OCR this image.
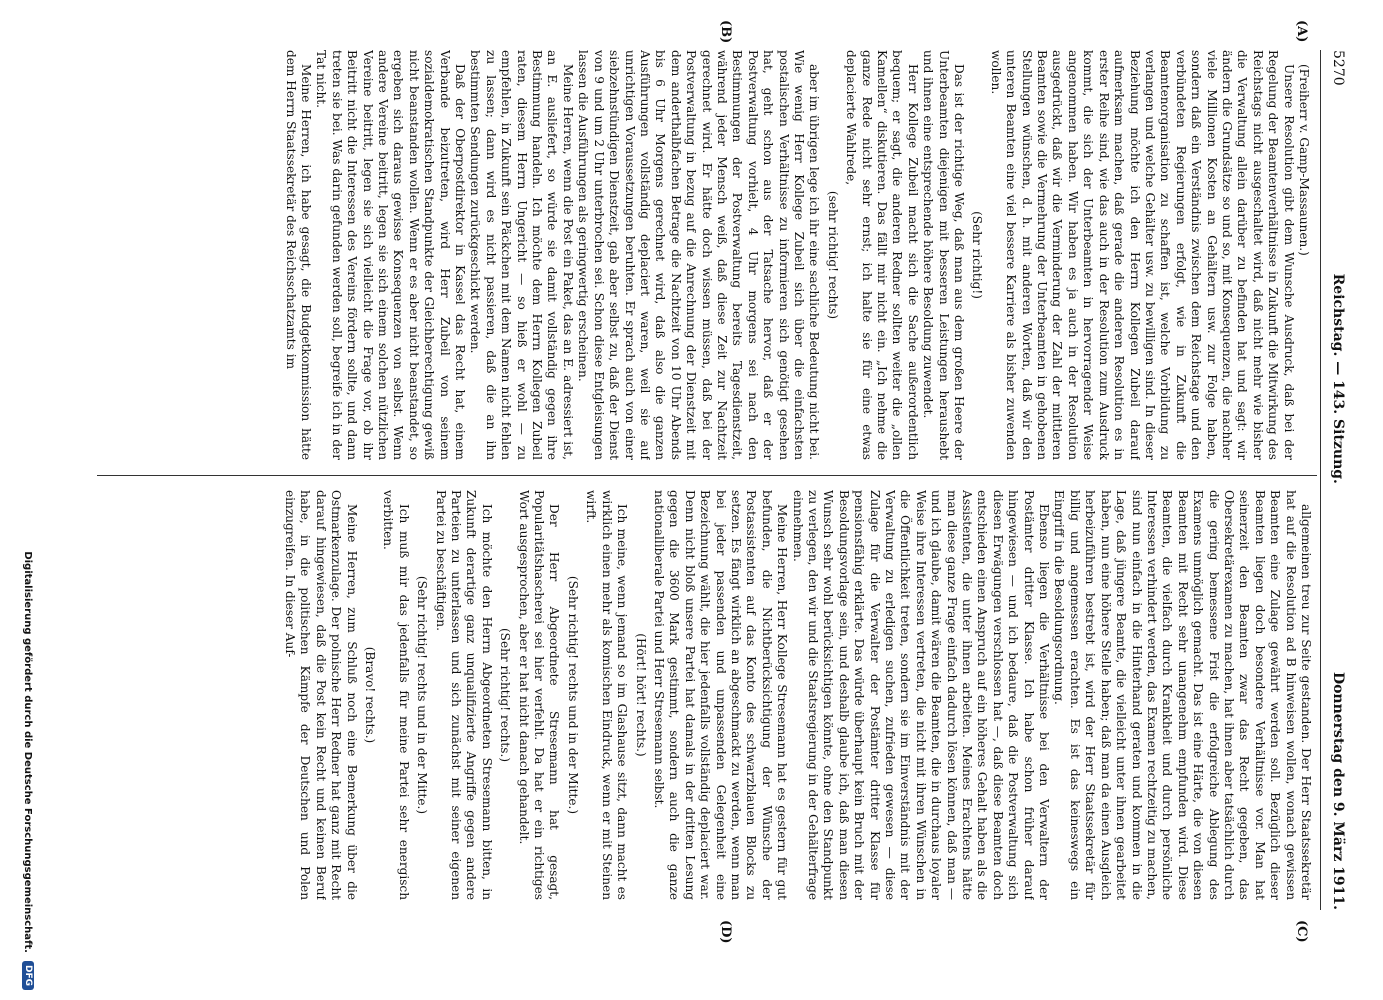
5270
Reichstag. — 143. Sitzung.
Donnerstag den 9. März 1911.
(A)
(B)
(C)
(D)

(Freiherr v. Gamp-Massaunen.)

Unsere Resolution gibt dem Wunsche Ausdruck, daß bei der Regelung der Beamtenverhältnisse in Zukunft die Mitwirkung des Reichstags nicht ausgeschaltet wird, daß nicht mehr wie bisher die Verwaltung allein darüber zu befinden hat und sagt: wir ändern die Grundsätze so und so, mit Konsequenzen, die nachher viele Millionen Kosten an Gehältern usw. zur Folge haben, sondern daß ein Verständnis zwischen dem Reichstage und den verbündeten Regierungen erfolgt, wie in Zukunft die Beamtenorganisation zu schaffen ist, welche Vorbildung zu verlangen und welche Gehälter usw. zu bewilligen sind. In dieser Beziehung möchte ich den Herrn Kollegen Zubeil darauf aufmerksam machen, daß gerade die anderen Resolution es in erster Reihe sind, wie das auch in der Resolution zum Ausdruck kommt, die sich der Unterbeamten in hervorragender Weise angenommen haben. Wir haben es ja auch in der Resolution ausgedrückt, daß wir die Verminderung der Zahl der mittleren Beamten sowie die Vermehrung der Unterbeamten in gehobenen Stellungen wünschen, d. h. mit anderen Worten, daß wir den unteren Beamten eine viel bessere Karriere als bisher zuwenden wollen.

(Sehr richtig!)

Das ist der richtige Weg, daß man aus dem großen Heere der Unterbeamten diejenigen mit besseren Leistungen heraushebt und ihnen eine entsprechende höhere Besoldung zuwendet.

Herr Kollege Zubeil macht sich die Sache außerordentlich bequem; er sagt, die anderen Redner sollten weiter die „ollen Kamellen“ diskutieren. Das fällt mir nicht ein. „Ich nehme die ganze Rede nicht sehr ernst; ich halte sie für eine etwas deplacierte Wahlrede,

(sehr richtig! rechts)

aber im übrigen lege ich ihr eine sachliche Bedeutung nicht bei. Wie wenig Herr Kollege Zubeil sich über die einfachsten postalischen Verhältnisse zu informieren sich genötigt gesehen hat, geht schon aus der Tatsache hervor, daß er der Postverwaltung vorhielt, 4 Uhr morgens sei nach den Bestimmungen der Postverwaltung bereits Tagesdienstzeit, während jeder Mensch weiß, daß diese Zeit zur Nachtzeit gerechnet wird. Er hätte doch wissen müssen, daß bei der Postverwaltung in bezug auf die Anrechnung der Dienstzeit mit dem anderthalbfachen Betrage die Nachtzeit von 10 Uhr Abends bis 6 Uhr Morgens gerechnet wird, daß also die ganzen Ausführungen vollständig deplaciert waren, weil sie auf unrichtigen Voraussetzungen beruhten. Er sprach auch von einer siebzehnstündigen Dienstzeit, gab aber selbst zu, daß der Dienst von 9 und um 2 Uhr unterbrochen sei. Schon diese Entgleisungen lassen die Ausführungen als geringwertig erscheinen.

Meine Herren, wenn die Post ein Paket, das an E. adressiert ist, an E. ausliefert, so würde sie damit vollständig gegen ihre Bestimmung handeln. Ich möchte dem Herrn Kollegen Zubeil raten, diesem Herrn Ungericht — so hieß er wohl — zu empfehlen, in Zukunft sein Päckchen mit dem Namen nicht fehlen zu lassen; dann wird es nicht passieren, daß die an ihn bestimmten Sendungen zurückgeschickt werden.

Daß der Oberpostdirektor in Kassel das Recht hat, einem Verbande beizutreten, wird Herr Zubeil von seinem sozialdemokratischen Standpunkte der Gleichberechtigung gewiß nicht beanstanden wollen. Wenn er es aber nicht beanstandet, so ergeben sich daraus gewisse Konsequenzen von selbst. Wenn andere Vereine beitritt, legen sie sich einem solchen nützlichen Vereine beitritt, legen sie sich vielleicht die Frage vor, ob ihr Beitritt nicht die Interessen des Vereins fördern sollte, und dann treten sie bei. Was darin gefunden werden soll, begreife ich in der Tat nicht.

Meine Herren, ich habe gesagt, die Budgetkommission hätte dem Herrn Staatssekretär des Reichsschatzamts im

allgemeinen treu zur Seite gestanden. Der Herr Staatssekretär hat auf die Resolution ad B hinweisen wollen, wonach gewissen Beamten eine Zulage gewährt werden soll. Bezüglich dieser Beamten liegen doch besondere Verhältnisse vor. Man hat seinerzeit den Beamten zwar das Recht gegeben, das Obersekretärexamen zu machen, hat ihnen aber tatsächlich durch die gering bemessene Frist die erfolgreiche Ablegung des Examens unmöglich gemacht. Das ist eine Härte, die von diesen Beamten mit Recht sehr unangenehm empfunden wird. Diese Beamten, die vielfach durch Krankheit und durch persönliche Interessen verhindert werden, das Examen rechtzeitig zu machen, sind nun einfach in die Hinterhand geraten und kommen in die Lage, daß jüngere Beamte, die vielleicht unter ihnen gearbeitet haben, nun eine höhere Stelle haben; daß man da einen Ausgleich herbeizuführen bestrebt ist, wird der Herr Staatssekretär für billig und angemessen erachten. Es ist das keineswegs ein Eingriff in die Besoldungsordnung.

Ebenso liegen die Verhältnisse bei den Verwaltern der Postämter dritter Klasse. Ich habe schon früher darauf hingewiesen — und ich bedaure, daß die Postverwaltung sich diesen Erwägungen verschlossen hat —, daß diese Beamten doch entschieden einen Anspruch auf ein höheres Gehalt haben als die Assistenten, die unter ihnen arbeiten. Meines Erachtens hätte man diese ganze Frage einfach dadurch lösen können, daß man — und ich glaube, damit wären die Beamten, die in durchaus loyaler Weise ihre Interessen vertreten, die nicht mit ihren Wünschen in die Öffentlichkeit treten, sondern sie im Einverständnis mit der Verwaltung zu erledigen suchen, zufrieden gewesen — diese Zulage für die Verwalter der Postämter dritter Klasse für pensionsfähig erklärte. Das würde überhaupt kein Bruch mit der Besoldungsvorlage sein, und deshalb glaube ich, daß man diesen Wunsch sehr wohl berücksichtigen könnte, ohne den Standpunkt zu verlegen, den wir und die Staatsregierung in der Gehälterfrage einnehmen.

Meine Herren, Herr Kollege Stresemann hat es gestern für gut befunden, die Nichtberücksichtigung der Wünsche der Postassistenten auf das Konto des schwarzblauen Blocks zu setzen. Es fängt wirklich an abgeschmackt zu werden, wenn man bei jeder passenden und unpassenden Gelegenheit eine Bezeichnung wählt, die hier jedenfalls vollständig deplaciert war. Denn nicht bloß unsere Partei hat damals in der dritten Lesung gegen die 3600 Mark gestimmt, sondern auch die ganze nationalliberale Partei und Herr Stresemann selbst.

(Hört! hört! rechts.)

Ich meine, wenn jemand so im Glashause sitzt, dann macht es wirklich einen mehr als komischen Eindruck, wenn er mit Steinen wirft.

(Sehr richtig! rechts und in der Mitte.)

Der Herr Abgeordnete Stresemann hat gesagt, Popularitätshascherei sei hier verfehlt. Da hat er ein richtiges Wort ausgesprochen, aber er hat nicht danach gehandelt.

(Sehr richtig! rechts.)

Ich möchte den Herrn Abgeordneten Stresemann bitten, in Zukunft derartige ganz unqualifizierte Angriffe gegen andere Parteien zu unterlassen und sich zunächst mit seiner eigenen Partei zu beschäftigen.

(Sehr richtig! rechts und in der Mitte.)

Ich muß mir das jedenfalls für meine Partei sehr energisch verbitten.

(Bravo! rechts.)

Meine Herren, zum Schluß noch eine Bemerkung über die Ostmarkenzulage. Der polnische Herr Redner hat ganz mit Recht darauf hingewiesen, daß die Post kein Recht und keinen Beruf habe, in die politischen Kämpfe der Deutschen und Polen einzugreifen. In dieser Auf-

Digitalisierung gefördert durch die Deutsche Forschungsgemeinschaft.
DFG
